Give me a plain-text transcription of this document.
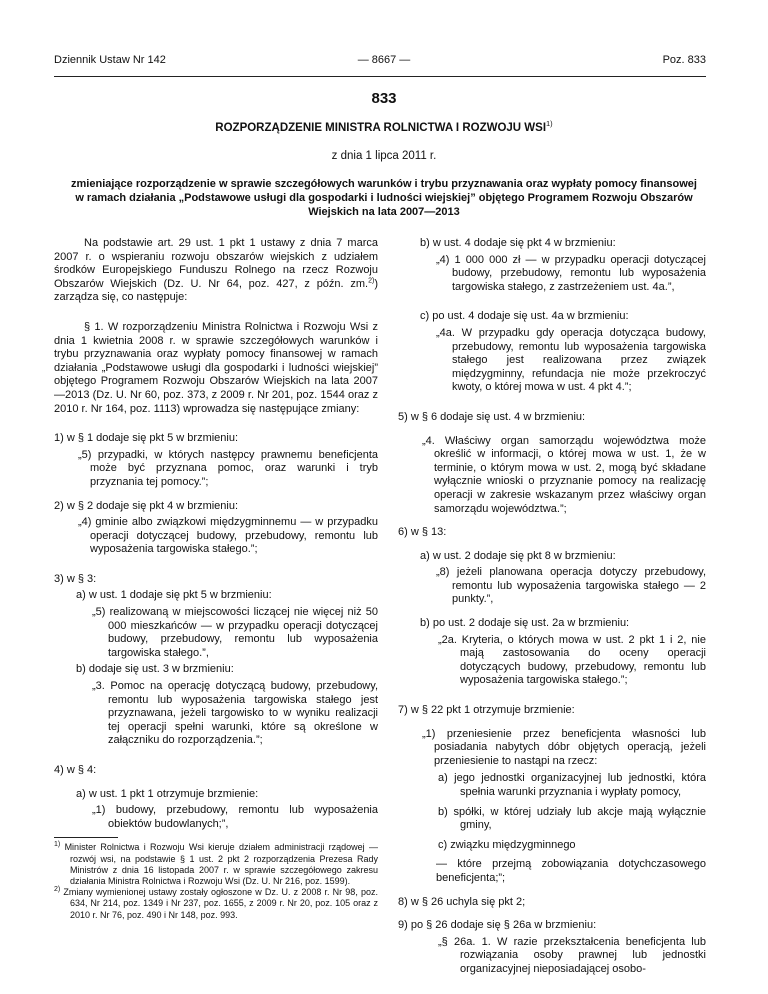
Dziennik Ustaw Nr 142	— 8667 —	Poz. 833
833
ROZPORZĄDZENIE MINISTRA ROLNICTWA I ROZWOJU WSI$^{1)}$
z dnia 1 lipca 2011 r.
zmieniające rozporządzenie w sprawie szczegółowych warunków i trybu przyznawania oraz wypłaty pomocy finansowej w ramach działania „Podstawowe usługi dla gospodarki i ludności wiejskiej” objętego Programem Rozwoju Obszarów Wiejskich na lata 2007—2013

Na podstawie art. 29 ust. 1 pkt 1 ustawy z dnia 7 marca 2007 r. o wspieraniu rozwoju obszarów wiejskich z udziałem środków Europejskiego Funduszu Rolnego na rzecz Rozwoju Obszarów Wiejskich (Dz. U. Nr 64, poz. 427, z późn. zm.$^{2)}$) zarządza się, co następuje:

§ 1. W rozporządzeniu Ministra Rolnictwa i Rozwoju Wsi z dnia 1 kwietnia 2008 r. w sprawie szczegółowych warunków i trybu przyznawania oraz wypłaty pomocy finansowej w ramach działania „Podstawowe usługi dla gospodarki i ludności wiejskiej” objętego Programem Rozwoju Obszarów Wiejskich na lata 2007—2013 (Dz. U. Nr 60, poz. 373, z 2009 r. Nr 201, poz. 1544 oraz z 2010 r. Nr 164, poz. 1113) wprowadza się następujące zmiany:

1) w § 1 dodaje się pkt 5 w brzmieniu:

„5) przypadki, w których następcy prawnemu beneficjenta może być przyznana pomoc, oraz warunki i tryb przyznania tej pomocy.”;

2) w § 2 dodaje się pkt 4 w brzmieniu:

„4) gminie albo związkowi międzygminnemu — w przypadku operacji dotyczącej budowy, przebudowy, remontu lub wyposażenia targowiska stałego.”;

3) w § 3:

a) w ust. 1 dodaje się pkt 5 w brzmieniu:

„5) realizowaną w miejscowości liczącej nie więcej niż 50 000 mieszkańców — w przypadku operacji dotyczącej budowy, przebudowy, remontu lub wyposażenia targowiska stałego.”,

b) dodaje się ust. 3 w brzmieniu:

„3. Pomoc na operację dotyczącą budowy, przebudowy, remontu lub wyposażenia targowiska stałego jest przyznawana, jeżeli targowisko to w wyniku realizacji tej operacji spełni warunki, które są określone w załączniku do rozporządzenia.”;

4) w § 4:

a) w ust. 1 pkt 1 otrzymuje brzmienie:

„1) budowy, przebudowy, remontu lub wyposażenia obiektów budowlanych;”,

$^{1)}$ Minister Rolnictwa i Rozwoju Wsi kieruje działem administracji rządowej — rozwój wsi, na podstawie § 1 ust. 2 pkt 2 rozporządzenia Prezesa Rady Ministrów z dnia 16 listopada 2007 r. w sprawie szczegółowego zakresu działania Ministra Rolnictwa i Rozwoju Wsi (Dz. U. Nr 216, poz. 1599).

$^{2)}$ Zmiany wymienionej ustawy zostały ogłoszone w Dz. U. z 2008 r. Nr 98, poz. 634, Nr 214, poz. 1349 i Nr 237, poz. 1655, z 2009 r. Nr 20, poz. 105 oraz z 2010 r. Nr 76, poz. 490 i Nr 148, poz. 993.

b) w ust. 4 dodaje się pkt 4 w brzmieniu:

„4) 1 000 000 zł — w przypadku operacji dotyczącej budowy, przebudowy, remontu lub wyposażenia targowiska stałego, z zastrzeżeniem ust. 4a.”,

c) po ust. 4 dodaje się ust. 4a w brzmieniu:

„4a. W przypadku gdy operacja dotycząca budowy, przebudowy, remontu lub wyposażenia targowiska stałego jest realizowana przez związek międzygminny, refundacja nie może przekroczyć kwoty, o której mowa w ust. 4 pkt 4.”;

5) w § 6 dodaje się ust. 4 w brzmieniu:

„4. Właściwy organ samorządu województwa może określić w informacji, o której mowa w ust. 1, że w terminie, o którym mowa w ust. 2, mogą być składane wyłącznie wnioski o przyznanie pomocy na realizację operacji w zakresie wskazanym przez właściwy organ samorządu województwa.”;

6) w § 13:

a) w ust. 2 dodaje się pkt 8 w brzmieniu:

„8) jeżeli planowana operacja dotyczy przebudowy, remontu lub wyposażenia targowiska stałego — 2 punkty.”,

b) po ust. 2 dodaje się ust. 2a w brzmieniu:

„2a. Kryteria, o których mowa w ust. 2 pkt 1 i 2, nie mają zastosowania do oceny operacji dotyczących budowy, przebudowy, remontu lub wyposażenia targowiska stałego.”;

7) w § 22 pkt 1 otrzymuje brzmienie:

„1) przeniesienie przez beneficjenta własności lub posiadania nabytych dóbr objętych operacją, jeżeli przeniesienie to nastąpi na rzecz:

a) jego jednostki organizacyjnej lub jednostki, która spełnia warunki przyznania i wypłaty pomocy,

b) spółki, w której udziały lub akcje mają wyłącznie gminy,

c) związku międzygminnego

— które przejmą zobowiązania dotychczasowego beneficjenta;”;

8) w § 26 uchyla się pkt 2;

9) po § 26 dodaje się § 26a w brzmieniu:

„§ 26a. 1. W razie przekształcenia beneficjenta lub rozwiązania osoby prawnej lub jednostki organizacyjnej nieposiadającej osobo-
